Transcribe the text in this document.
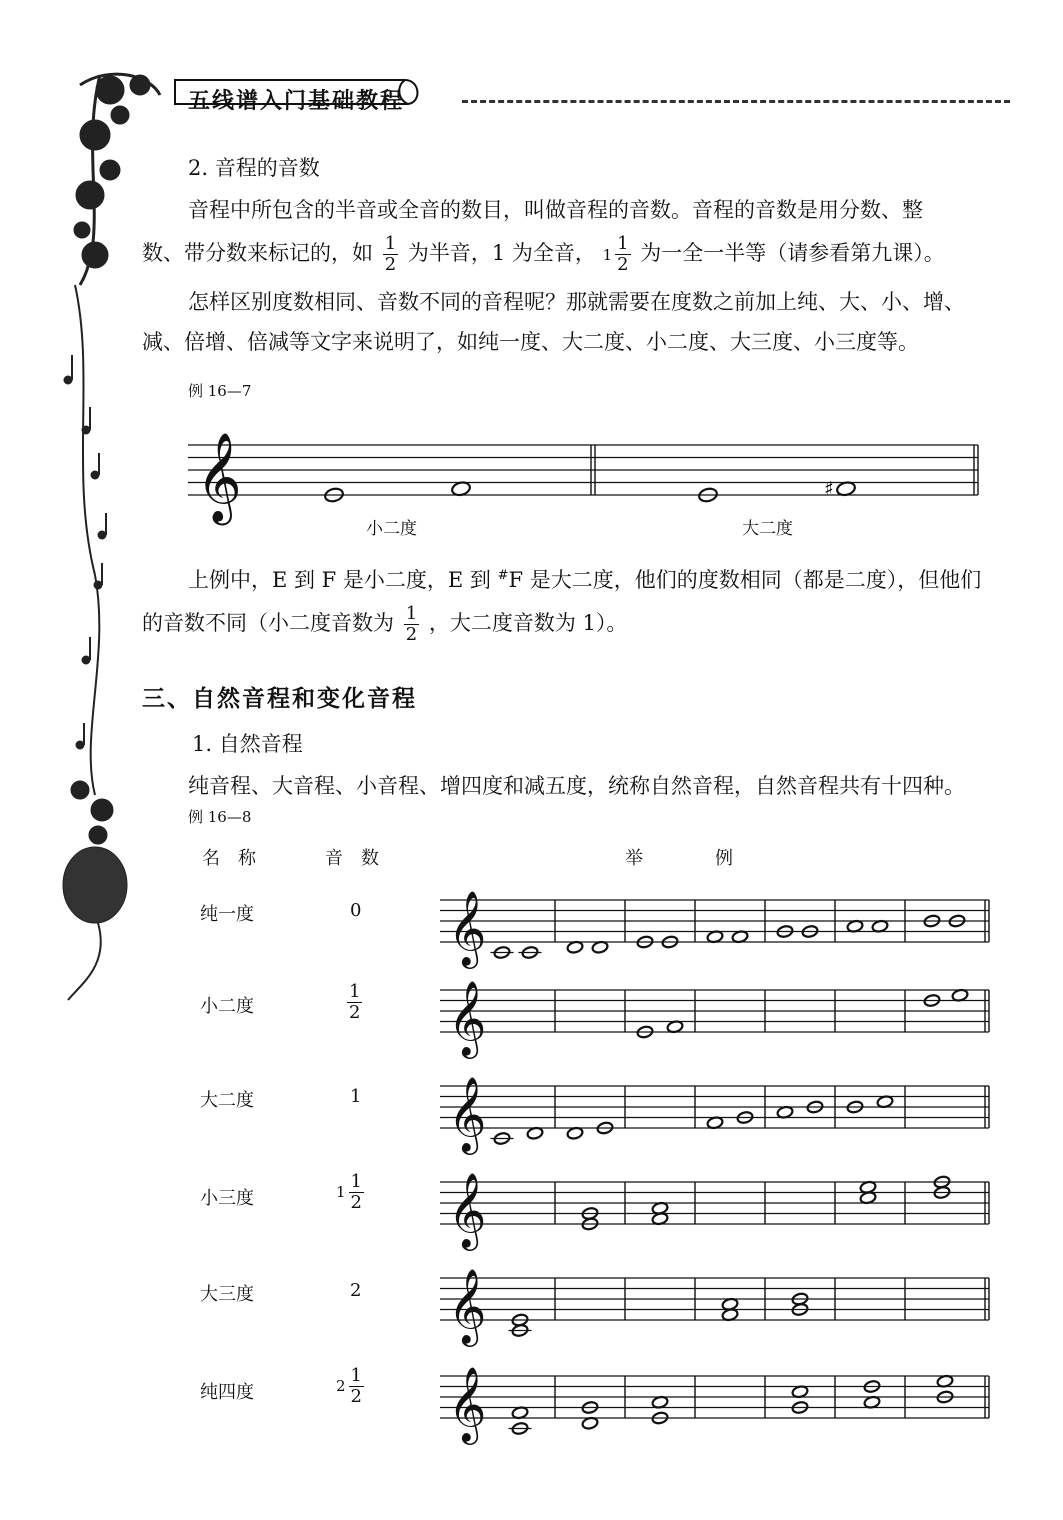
五线谱入门基础教程
2. 音程的音数
音程中所包含的半音或全音的数目，叫做音程的音数。音程的音数是用分数、整
数、带分数来标记的，如 $\frac{1}{2}$ 为半音，1 为全音， $1 \frac{1}{2}$ 为一全一半等（请参看第九课）。
怎样区别度数相同、音数不同的音程呢？那就需要在度数之前加上纯、大、小、增、
减、倍增、倍减等文字来说明了，如纯一度、大二度、小二度、大三度、小三度等。
例 16—7
𝄞	♯
小二度	大二度
上例中，E 到 F 是小二度，E 到 #F 是大二度，他们的度数相同（都是二度），但他们
的音数不同（小二度音数为 $\frac{1}{2}$ ，大二度音数为 1）。
三、自然音程和变化音程
1. 自然音程
纯音程、大音程、小音程、增四度和减五度，统称自然音程，自然音程共有十四种。
例 16—8
名　称	音　数	举　　　　例
纯一度	0
小二度	$\frac{1}{2}$
大二度	1
小三度	$1 \frac{1}{2}$
大三度	2
纯四度	$2 \frac{1}{2}$
𝄞
𝄞
𝄞
𝄞
𝄞
𝄞
